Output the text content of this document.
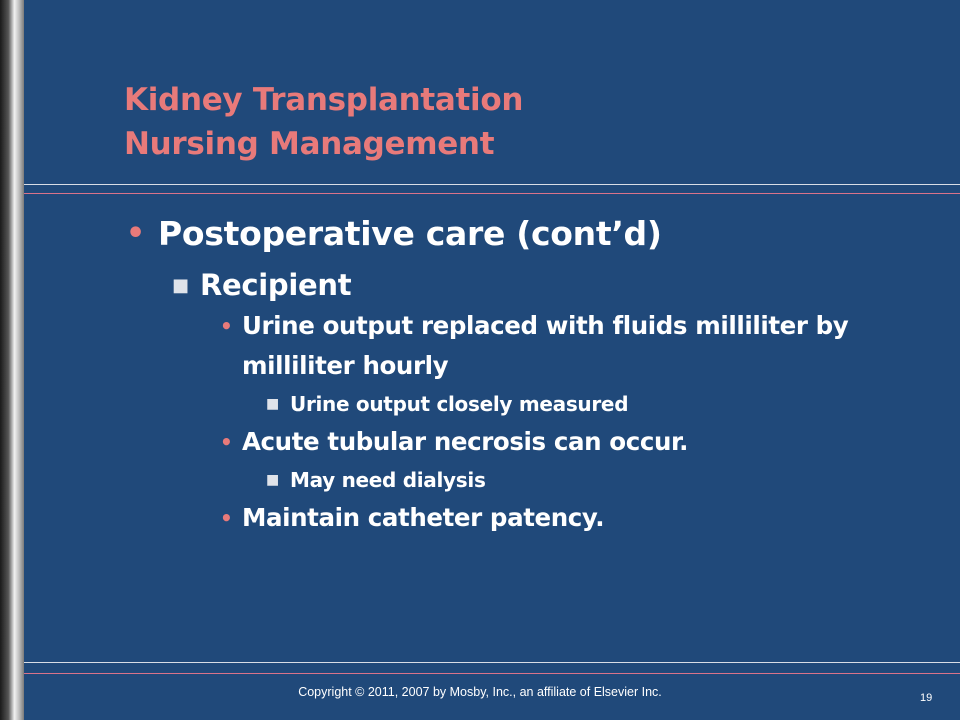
Kidney Transplantation
Nursing Management
• Postoperative care (cont’d)
■ Recipient
• Urine output replaced with fluids milliliter by milliliter hourly
■ Urine output closely measured
• Acute tubular necrosis can occur.
■ May need dialysis
• Maintain catheter patency.
Copyright © 2011, 2007 by Mosby, Inc., an affiliate of Elsevier Inc.	19
